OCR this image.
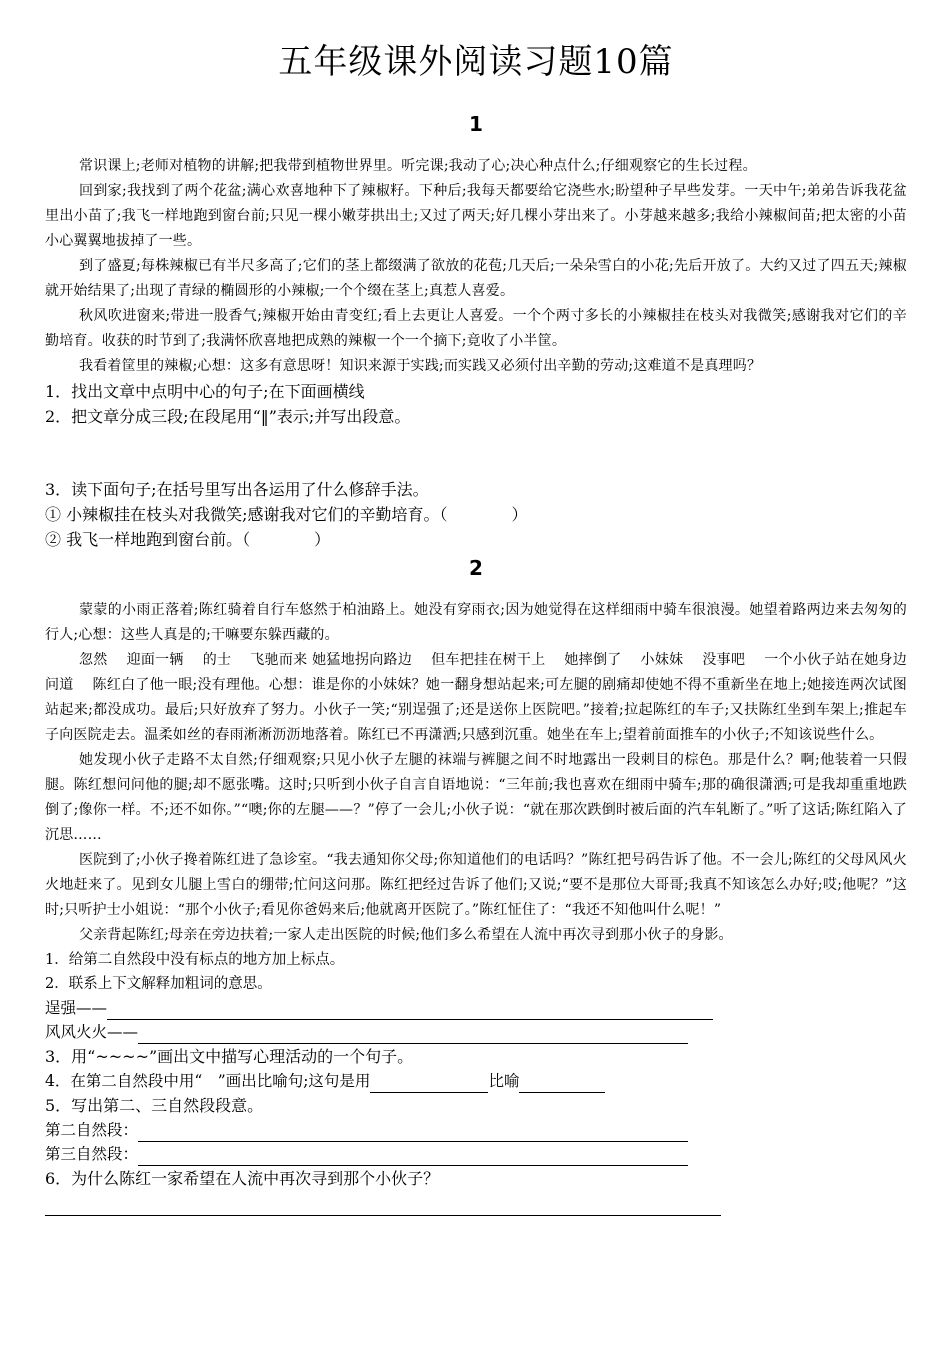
五年级课外阅读习题10篇
1

常识课上;老师对植物的讲解;把我带到植物世界里。听完课;我动了心;决心种点什么;仔细观察它的生长过程。

回到家;我找到了两个花盆;满心欢喜地种下了辣椒籽。下种后;我每天都要给它浇些水;盼望种子早些发芽。一天中午;弟弟告诉我花盆里出小苗了;我飞一样地跑到窗台前;只见一棵小嫩芽拱出土;又过了两天;好几棵小芽出来了。小芽越来越多;我给小辣椒间苗;把太密的小苗小心翼翼地拔掉了一些。

到了盛夏;每株辣椒已有半尺多高了;它们的茎上都缀满了欲放的花苞;几天后;一朵朵雪白的小花;先后开放了。大约又过了四五天;辣椒就开始结果了;出现了青绿的椭圆形的小辣椒;一个个缀在茎上;真惹人喜爱。

秋风吹进窗来;带进一股香气;辣椒开始由青变红;看上去更让人喜爱。一个个两寸多长的小辣椒挂在枝头对我微笑;感谢我对它们的辛勤培育。收获的时节到了;我满怀欣喜地把成熟的辣椒一个一个摘下;竟收了小半筐。

我看着筐里的辣椒;心想：这多有意思呀！知识来源于实践;而实践又必须付出辛勤的劳动;这难道不是真理吗？

1．找出文章中点明中心的句子;在下面画横线

2．把文章分成三段;在段尾用“‖”表示;并写出段意。

3．读下面句子;在括号里写出各运用了什么修辞手法。

① 小辣椒挂在枝头对我微笑;感谢我对它们的辛勤培育。（　　　　）

② 我飞一样地跑到窗台前。（　　　　）

2

蒙蒙的小雨正落着;陈红骑着自行车悠然于柏油路上。她没有穿雨衣;因为她觉得在这样细雨中骑车很浪漫。她望着路两边来去匆匆的行人;心想：这些人真是的;干嘛要东躲西藏的。

忽然　 迎面一辆　 的士　 飞驰而来 她猛地拐向路边　 但车把挂在树干上　 她摔倒了　 小妹妹　 没事吧　 一个小伙子站在她身边问道　 陈红白了他一眼;没有理他。心想：谁是你的小妹妹？她一翻身想站起来;可左腿的剧痛却使她不得不重新坐在地上;她接连两次试图站起来;都没成功。最后;只好放弃了努力。小伙子一笑;“别逞强了;还是送你上医院吧。”接着;拉起陈红的车子;又扶陈红坐到车架上;推起车子向医院走去。温柔如丝的春雨淅淅沥沥地落着。陈红已不再潇洒;只感到沉重。她坐在车上;望着前面推车的小伙子;不知该说些什么。

她发现小伙子走路不太自然;仔细观察;只见小伙子左腿的袜端与裤腿之间不时地露出一段刺目的棕色。那是什么？啊;他装着一只假腿。陈红想问问他的腿;却不愿张嘴。这时;只听到小伙子自言自语地说：“三年前;我也喜欢在细雨中骑车;那的确很潇洒;可是我却重重地跌倒了;像你一样。不;还不如你。”“噢;你的左腿——？”停了一会儿;小伙子说：“就在那次跌倒时被后面的汽车轧断了。”听了这话;陈红陷入了沉思……

医院到了;小伙子搀着陈红进了急诊室。“我去通知你父母;你知道他们的电话吗？”陈红把号码告诉了他。不一会儿;陈红的父母风风火火地赶来了。见到女儿腿上雪白的绷带;忙问这问那。陈红把经过告诉了他们;又说;“要不是那位大哥哥;我真不知该怎么办好;哎;他呢？”这时;只听护士小姐说：“那个小伙子;看见你爸妈来后;他就离开医院了。”陈红怔住了：“我还不知他叫什么呢！”

父亲背起陈红;母亲在旁边扶着;一家人走出医院的时候;他们多么希望在人流中再次寻到那小伙子的身影。

1．给第二自然段中没有标点的地方加上标点。

2．联系上下文解释加粗词的意思。

逞强——
风风火火——

3．用“~~~~”画出文中描写心理活动的一个句子。

4．在第二自然段中用“　”画出比喻句;这句是用	比喻

5．写出第二、三自然段段意。

第二自然段：
第三自然段：

6．为什么陈红一家希望在人流中再次寻到那个小伙子？
